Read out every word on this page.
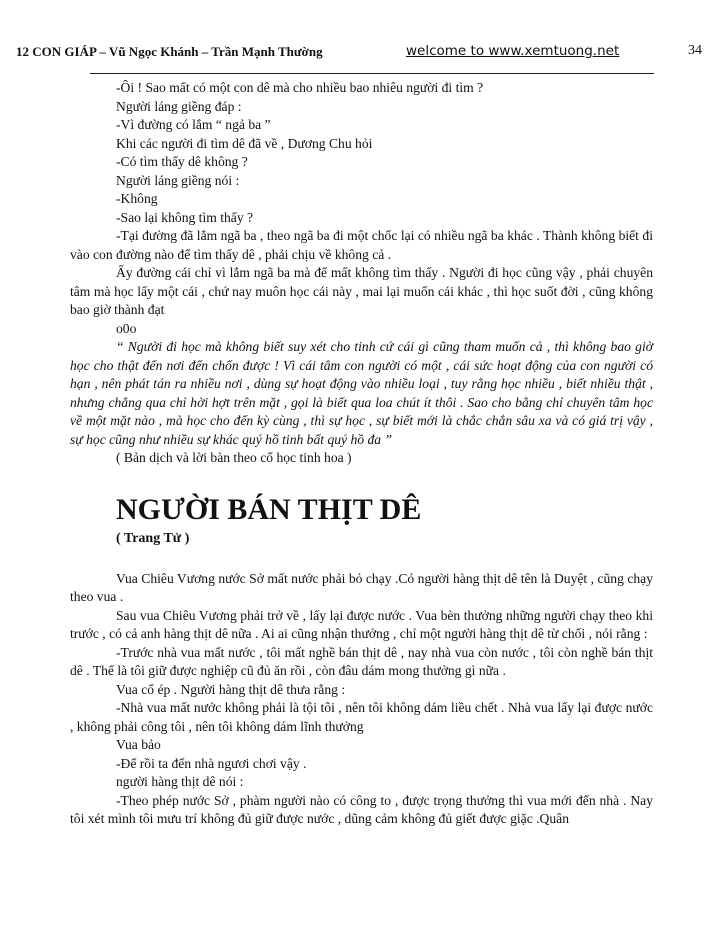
12 CON GIÁP – Vũ Ngọc Khánh – Trần Mạnh Thường	welcome to www.xemtuong.net	34

-Ôi ! Sao mất có một con dê mà cho nhiều bao nhiêu người đi tìm ?

Người láng giềng đáp :

-Vì đường có lắm “ ngả ba ”

Khi các người đi tìm dê đã về , Dương Chu hỏi

-Có tìm thấy dê không ?

Người láng giềng nói :

-Không

-Sao lại không tìm thấy ?

-Tại đường đã lắm ngã ba , theo ngã ba đi một chốc lại có nhiều ngã ba khác . Thành không biết đi vào con đường nào để tìm thấy dê , phải chịu về không cả .

Ấy đường cái chỉ vì lắm ngã ba mà để mất không tìm thấy . Người đi học cũng vậy , phải chuyên tâm mà học lấy một cái , chứ nay muôn học cái này , mai lại muốn cái khác , thì học suốt đời , cũng không bao giờ thành đạt

o0o

“ Người đi học mà không biết suy xét cho tinh cứ cái gì cũng tham muốn cả , thì không bao giờ học cho thật đến nơi đến chốn được ! Vì cái tâm con người có một , cái sức hoạt động của con người có hạn , nên phát tán ra nhiều nơi , dùng sự hoạt động vào nhiều loại , tuy rằng học nhiều , biết nhiều thật , nhưng chẳng qua chỉ hời hợt trên mặt , gọi là biết qua loa chút ít thôi . Sao cho bằng chỉ chuyên tâm học về một mặt nào , mà học cho đến kỳ cùng , thì sự học , sự biết mới là chắc chắn sâu xa và có giá trị vậy , sự học cũng như nhiều sự khác quý hồ tinh bất quý hồ đa ”

( Bản dịch và lời bàn theo cổ học tinh hoa )

NGƯỜI BÁN THỊT DÊ

( Trang Tử )

Vua Chiêu Vương nước Sở mất nước phải bỏ chạy .Có người hàng thịt dê tên là Duyệt , cũng chạy theo vua .

Sau vua Chiêu Vương phải trở về , lấy lại được nước . Vua bèn thưởng những người chạy theo khi trước , có cả anh hàng thịt dê nữa . Ai ai cũng nhận thưởng , chỉ một người hàng thịt dê từ chối , nói rằng :

-Trước nhà vua mất nước , tôi mất nghề bán thịt dê , nay nhà vua còn nước , tôi còn nghề bán thịt dê . Thế là tôi giữ được nghiệp cũ đủ ăn rồi , còn đâu dám mong thưởng gì nữa .

Vua cố ép . Người hàng thịt dê thưa rằng :

-Nhà vua mất nước không phải là tội tôi , nên tôi không dám liều chết . Nhà vua lấy lại được nước , không phải công tôi , nên tôi không dám lĩnh thưởng

Vua bảo

-Để rồi ta đến nhà ngươi chơi vậy .

người hàng thịt dê nói :

-Theo phép nước Sở , phàm người nào có công to , được trọng thưởng thì vua mới đến nhà . Nay tôi xét mình tôi mưu trí không đủ giữ được nước , dũng cảm không đủ giết được giặc .Quân
